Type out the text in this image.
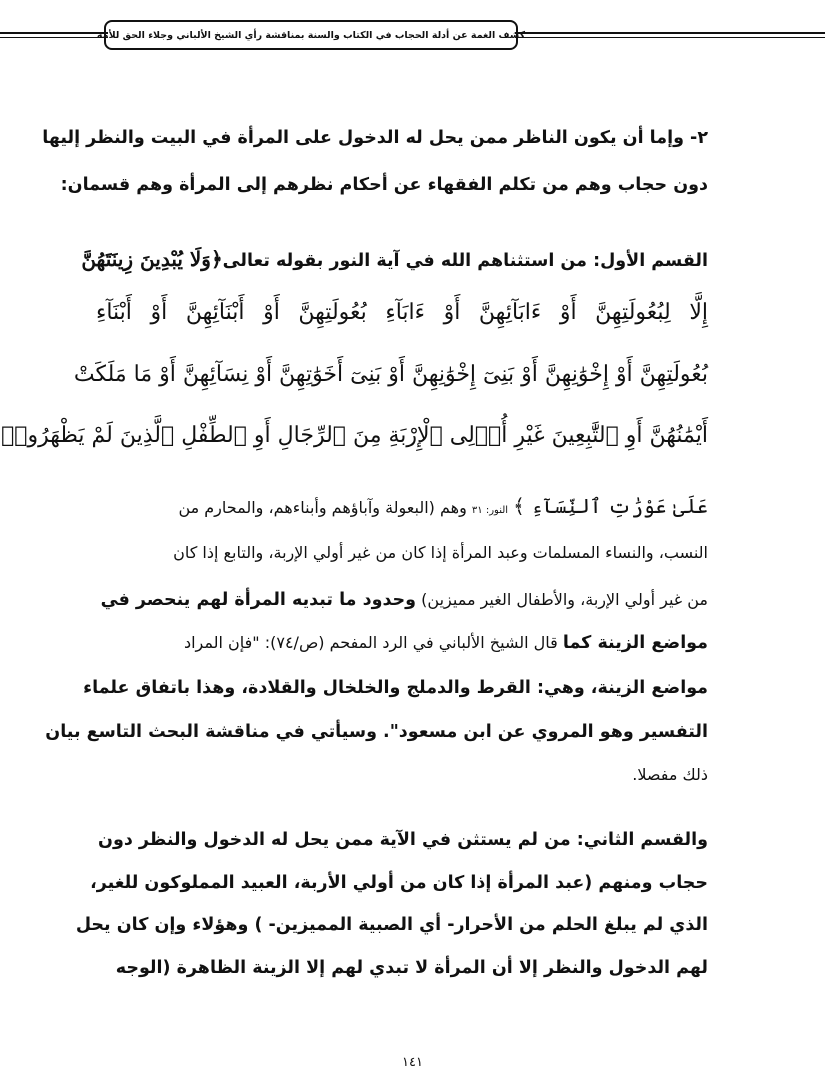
كشف الغمة عن أدلة الحجاب في الكتاب والسنة بمناقشة رأي الشيخ الألباني وجلاء الحق للأمة
٢- وإما أن يكون الناظر ممن يحل له الدخول على المرأة في البيت والنظر إليها
دون حجاب وهم من تكلم الفقهاء عن أحكام نظرهم إلى المرأة وهم قسمان:
القسم الأول: من استثناهم الله في آية النور بقوله تعالى﴿وَلَا يُبْدِينَ زِينَتَهُنَّ
إِلَّا لِبُعُولَتِهِنَّ أَوْ ءَابَآئِهِنَّ أَوْ ءَابَآءِ بُعُولَتِهِنَّ أَوْ أَبْنَآئِهِنَّ أَوْ أَبْنَآءِ
بُعُولَتِهِنَّ أَوْ إِخْوَٰنِهِنَّ أَوْ بَنِىٓ إِخْوَٰنِهِنَّ أَوْ بَنِىٓ أَخَوَٰتِهِنَّ أَوْ نِسَآئِهِنَّ أَوْ مَا مَلَكَتْ
أَيْمَٰنُهُنَّ أَوِ ٱلتَّٰبِعِينَ غَيْرِ أُو۟لِى ٱلْإِرْبَةِ مِنَ ٱلرِّجَالِ أَوِ ٱلطِّفْلِ ٱلَّذِينَ لَمْ يَظْهَرُوا۟
عَلَىٰ عَوْرَٰتِ ٱلنِّسَآءِ ﴾ النور: ٣١ وهم (البعولة وآباؤهم وأبناءهم، والمحارم من
النسب، والنساء المسلمات وعبد المرأة إذا كان من غير أولي الإربة، والتابع إذا كان
من غير أولي الإربة، والأطفال الغير مميزين) وحدود ما تبديه المرأة لهم ينحصر في
مواضع الزينة كما قال الشيخ الألباني في الرد المفحم (ص/٧٤): "فإن المراد
مواضع الزينة، وهي: القرط والدملج والخلخال والقلادة، وهذا باتفاق علماء
التفسير وهو المروي عن ابن مسعود". وسيأتي في مناقشة البحث التاسع بيان
ذلك مفصلا.
والقسم الثاني: من لم يستثن في الآية ممن يحل له الدخول والنظر دون
حجاب ومنهم (عبد المرأة إذا كان من أولي الأربة، العبيد المملوكون للغير،
الذي لم يبلغ الحلم من الأحرار- أي الصبية المميزين- ) وهؤلاء وإن كان يحل
لهم الدخول والنظر إلا أن المرأة لا تبدي لهم إلا الزينة الظاهرة (الوجه
١٤١
